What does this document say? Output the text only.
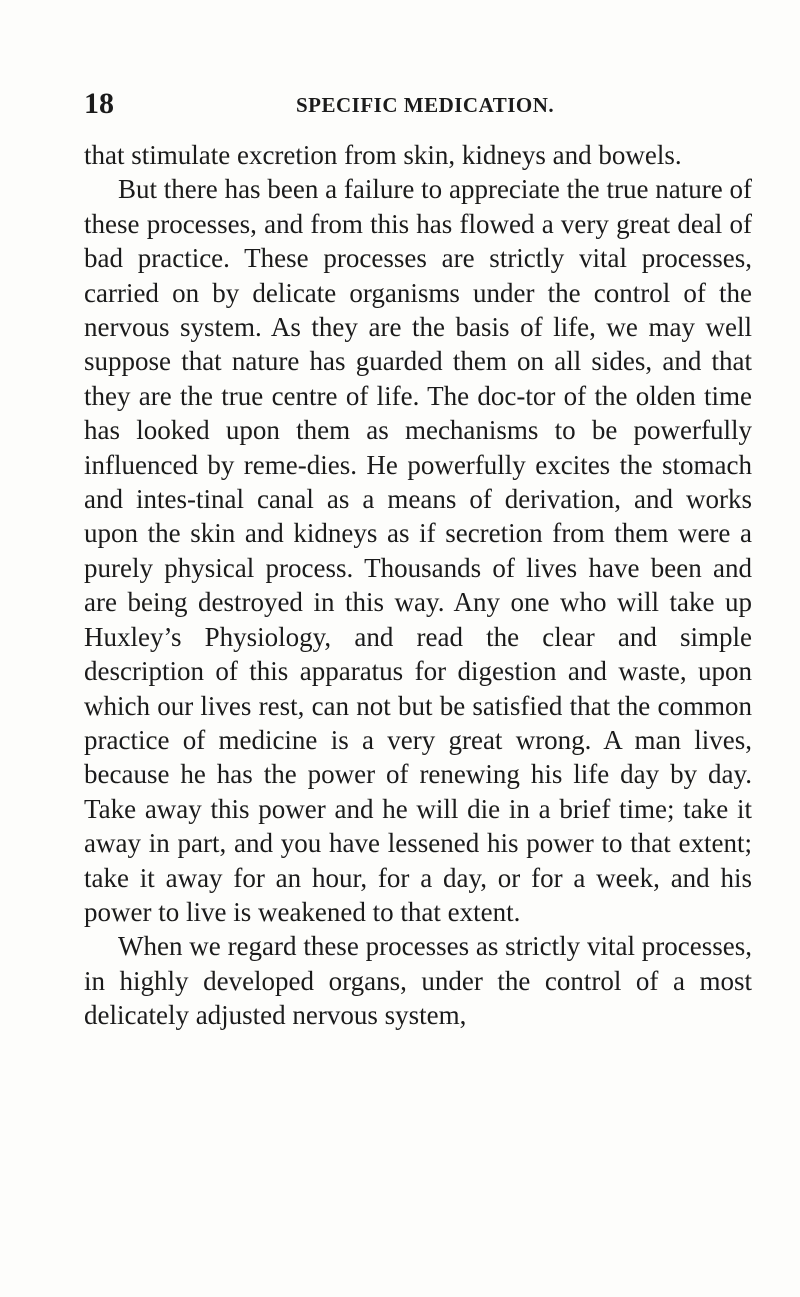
18	SPECIFIC MEDICATION.

that stimulate excretion from skin, kidneys and bowels.

But there has been a failure to appreciate the true nature of these processes, and from this has flowed a very great deal of bad practice. These processes are strictly vital processes, carried on by delicate organisms under the control of the nervous system. As they are the basis of life, we may well suppose that nature has guarded them on all sides, and that they are the true centre of life. The doc-tor of the olden time has looked upon them as mechanisms to be powerfully influenced by reme-dies. He powerfully excites the stomach and intes-tinal canal as a means of derivation, and works upon the skin and kidneys as if secretion from them were a purely physical process. Thousands of lives have been and are being destroyed in this way. Any one who will take up Huxley’s Physiology, and read the clear and simple description of this apparatus for digestion and waste, upon which our lives rest, can not but be satisfied that the common practice of medicine is a very great wrong. A man lives, because he has the power of renewing his life day by day. Take away this power and he will die in a brief time; take it away in part, and you have lessened his power to that extent; take it away for an hour, for a day, or for a week, and his power to live is weakened to that extent.

When we regard these processes as strictly vital processes, in highly developed organs, under the control of a most delicately adjusted nervous system,
